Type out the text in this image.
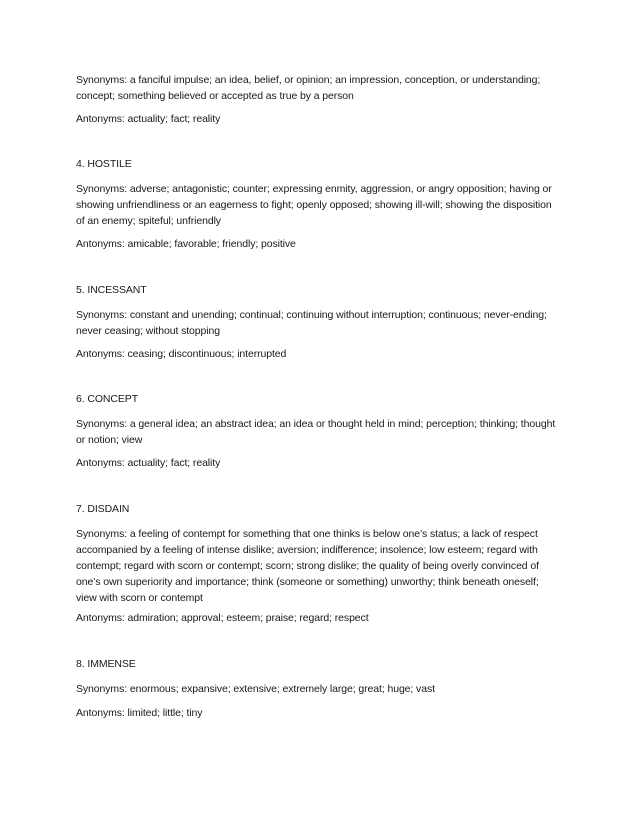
Synonyms: a fanciful impulse; an idea, belief, or opinion; an impression, conception, or understanding; concept; something believed or accepted as true by a person

Antonyms: actuality; fact; reality

4. HOSTILE

Synonyms: adverse; antagonistic; counter; expressing enmity, aggression, or angry opposition; having or showing unfriendliness or an eagerness to fight; openly opposed; showing ill-will; showing the disposition of an enemy; spiteful; unfriendly

Antonyms: amicable; favorable; friendly; positive

5. INCESSANT

Synonyms: constant and unending; continual; continuing without interruption; continuous; never-ending; never ceasing; without stopping

Antonyms: ceasing; discontinuous; interrupted

6. CONCEPT

Synonyms: a general idea; an abstract idea; an idea or thought held in mind; perception; thinking; thought or notion; view

Antonyms: actuality; fact; reality

7. DISDAIN

Synonyms: a feeling of contempt for something that one thinks is below one’s status; a lack of respect accompanied by a feeling of intense dislike; aversion; indifference; insolence; low esteem; regard with contempt; regard with scorn or contempt; scorn; strong dislike; the quality of being overly convinced of one’s own superiority and importance; think (someone or something) unworthy; think beneath oneself; view with scorn or contempt

Antonyms: admiration; approval; esteem; praise; regard; respect

8. IMMENSE

Synonyms: enormous; expansive; extensive; extremely large; great; huge; vast

Antonyms: limited; little; tiny
